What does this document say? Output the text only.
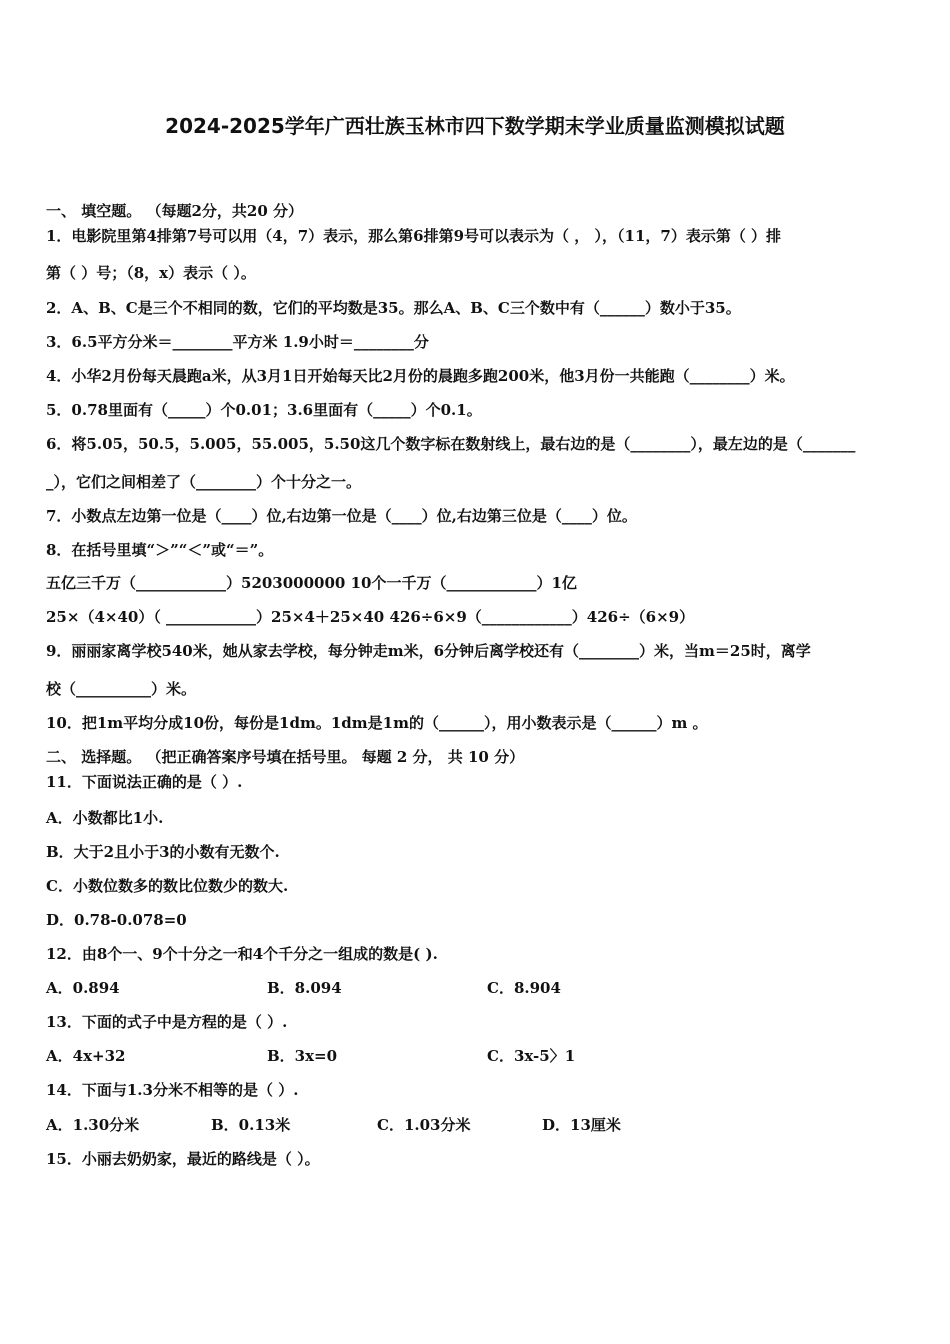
2024-2025学年广西壮族玉林市四下数学期末学业质量监测模拟试题
一、 填空题。 （每题2分，共20 分）
1．电影院里第4排第7号可以用（4，7）表示，那么第6排第9号可以表示为（ ， ），（11，7）表示第（ ）排
第（ ）号；（8，x）表示（ ）。
2．A、B、C是三个不相同的数，它们的平均数是35。那么A、B、C三个数中有（______）数小于35。
3．6.5平方分米＝________平方米 1.9小时＝________分
4．小华2月份每天晨跑a米，从3月1日开始每天比2月份的晨跑多跑200米，他3月份一共能跑（________）米。
5．0.78里面有（_____）个0.01；3.6里面有（_____）个0.1。
6．将5.05，50.5，5.005，55.005，5.50这几个数字标在数射线上，最右边的是（________），最左边的是（_______
_），它们之间相差了（________）个十分之一。
7．小数点左边第一位是（____）位,右边第一位是（____）位,右边第三位是（____）位。
8．在括号里填“＞”“＜”或“＝”。
五亿三千万（____________）5203000000 10个一千万（____________）1亿
25×（4×40）（ ____________）25×4＋25×40 426÷6×9（____________）426÷（6×9）
9．丽丽家离学校540米，她从家去学校，每分钟走m米，6分钟后离学校还有（________）米，当m＝25时，离学
校（__________）米。
10．把1m平均分成10份，每份是1dm。1dm是1m的（______），用小数表示是（______）m 。
二、 选择题。 （把正确答案序号填在括号里。 每题 2 分， 共 10 分）
11．下面说法正确的是（ ）.
A．小数都比1小.
B．大于2且小于3的小数有无数个.
C．小数位数多的数比位数少的数大.
D．0.78-0.078=0
12．由8个一、9个十分之一和4个千分之一组成的数是( ).
A．0.894	B．8.094	C．8.904
13．下面的式子中是方程的是（ ）.
A．4x+32	B．3x=0	C．3x-5〉1
14．下面与1.3分米不相等的是（ ）.
A．1.30分米	B．0.13米	C．1.03分米	D．13厘米
15．小丽去奶奶家，最近的路线是（ ）。
